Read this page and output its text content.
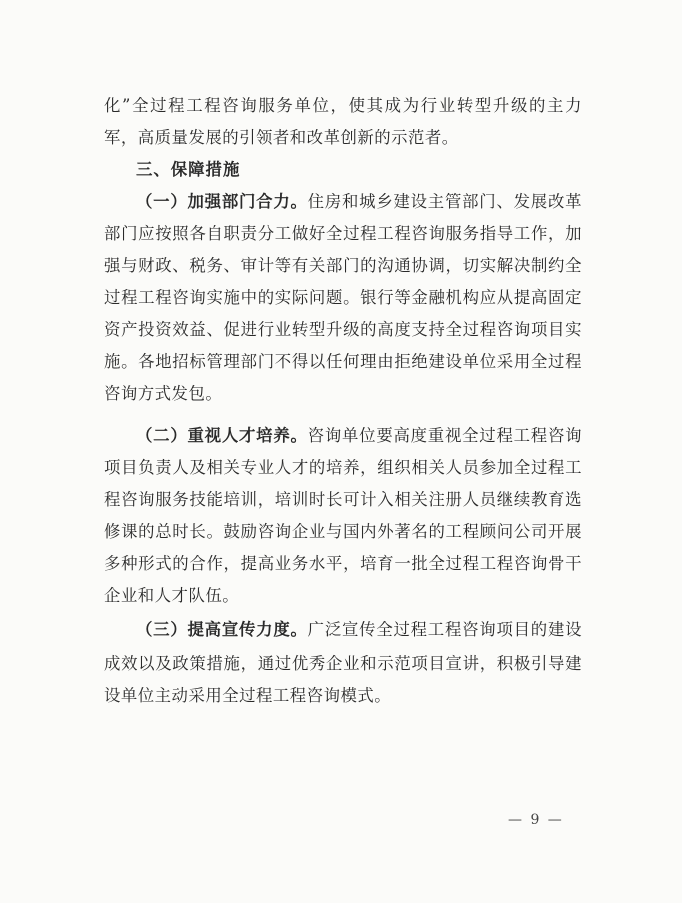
化”全过程工程咨询服务单位，使其成为行业转型升级的主力
军，高质量发展的引领者和改革创新的示范者。
三、保障措施
（一）加强部门合力。住房和城乡建设主管部门、发展改革
部门应按照各自职责分工做好全过程工程咨询服务指导工作，加
强与财政、税务、审计等有关部门的沟通协调，切实解决制约全
过程工程咨询实施中的实际问题。银行等金融机构应从提高固定
资产投资效益、促进行业转型升级的高度支持全过程咨询项目实
施。各地招标管理部门不得以任何理由拒绝建设单位采用全过程
咨询方式发包。
（二）重视人才培养。咨询单位要高度重视全过程工程咨询
项目负责人及相关专业人才的培养，组织相关人员参加全过程工
程咨询服务技能培训，培训时长可计入相关注册人员继续教育选
修课的总时长。鼓励咨询企业与国内外著名的工程顾问公司开展
多种形式的合作，提高业务水平，培育一批全过程工程咨询骨干
企业和人才队伍。
（三）提高宣传力度。广泛宣传全过程工程咨询项目的建设
成效以及政策措施，通过优秀企业和示范项目宣讲，积极引导建
设单位主动采用全过程工程咨询模式。
— 9 —
